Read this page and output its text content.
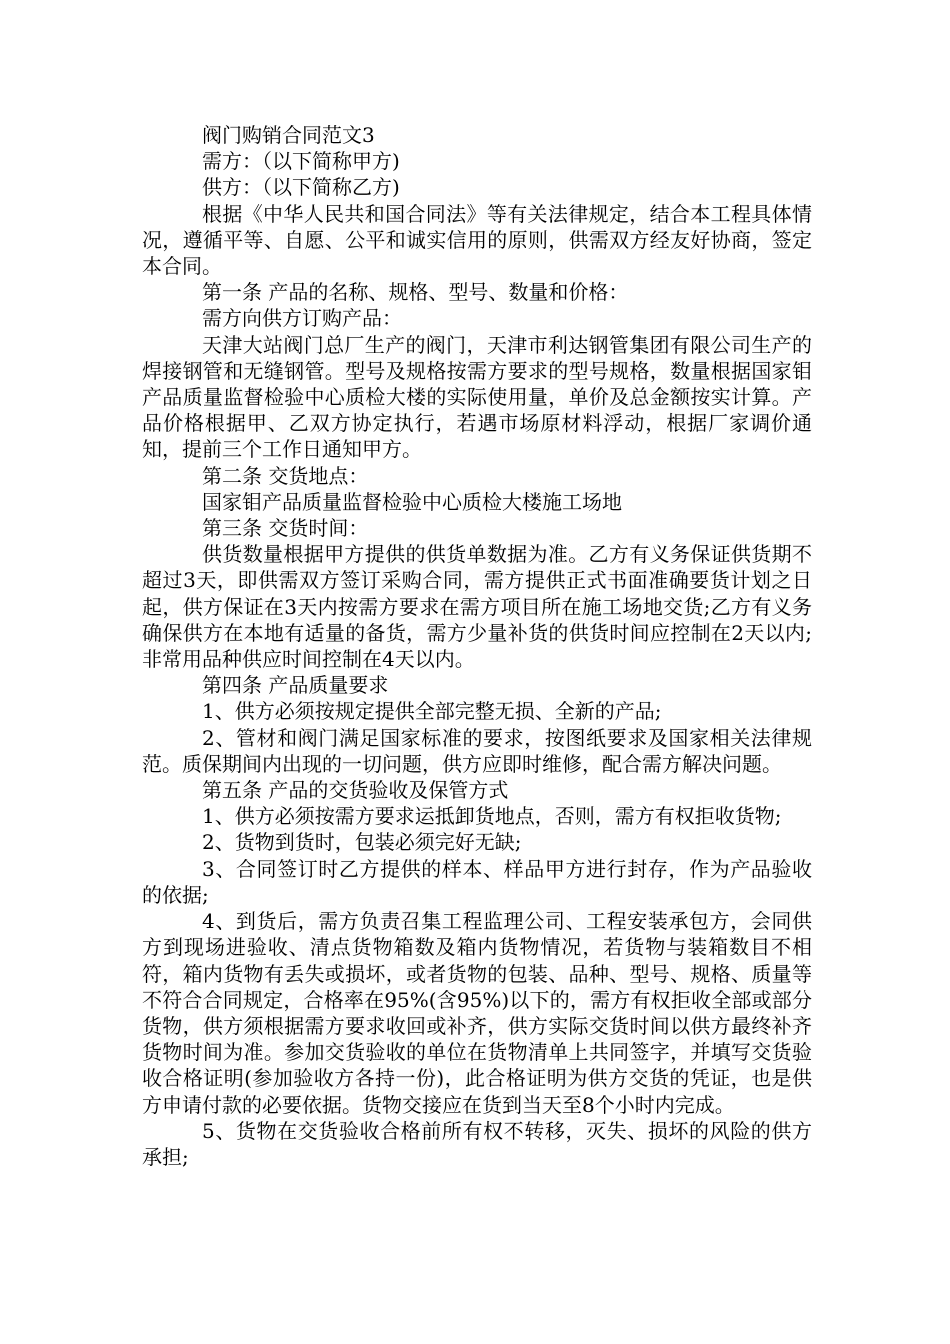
阀门购销合同范文3

需方：（以下简称甲方)

供方：（以下简称乙方)

根据《中华人民共和国合同法》等有关法律规定，结合本工程具体情况，遵循平等、自愿、公平和诚实信用的原则，供需双方经友好协商，签定本合同。

第一条 产品的名称、规格、型号、数量和价格：

需方向供方订购产品：

天津大站阀门总厂生产的阀门，天津市利达钢管集团有限公司生产的焊接钢管和无缝钢管。型号及规格按需方要求的型号规格，数量根据国家钼产品质量监督检验中心质检大楼的实际使用量，单价及总金额按实计算。产品价格根据甲、乙双方协定执行，若遇市场原材料浮动，根据厂家调价通知，提前三个工作日通知甲方。

第二条 交货地点：

国家钼产品质量监督检验中心质检大楼施工场地

第三条 交货时间：

供货数量根据甲方提供的供货单数据为准。乙方有义务保证供货期不超过3天，即供需双方签订采购合同，需方提供正式书面准确要货计划之日起，供方保证在3天内按需方要求在需方项目所在施工场地交货;乙方有义务确保供方在本地有适量的备货，需方少量补货的供货时间应控制在2天以内;非常用品种供应时间控制在4天以内。

第四条 产品质量要求

1、供方必须按规定提供全部完整无损、全新的产品;

2、管材和阀门满足国家标准的要求，按图纸要求及国家相关法律规范。质保期间内出现的一切问题，供方应即时维修，配合需方解决问题。

第五条 产品的交货验收及保管方式

1、供方必须按需方要求运抵卸货地点，否则，需方有权拒收货物;

2、货物到货时，包装必须完好无缺;

3、合同签订时乙方提供的样本、样品甲方进行封存，作为产品验收的依据;

4、到货后，需方负责召集工程监理公司、工程安装承包方，会同供方到现场进验收、清点货物箱数及箱内货物情况，若货物与装箱数目不相符，箱内货物有丢失或损坏，或者货物的包装、品种、型号、规格、质量等不符合合同规定，合格率在95%(含95%)以下的，需方有权拒收全部或部分货物，供方须根据需方要求收回或补齐，供方实际交货时间以供方最终补齐货物时间为准。参加交货验收的单位在货物清单上共同签字，并填写交货验收合格证明(参加验收方各持一份)，此合格证明为供方交货的凭证，也是供方申请付款的必要依据。货物交接应在货到当天至8个小时内完成。

5、货物在交货验收合格前所有权不转移，灭失、损坏的风险的供方承担;
